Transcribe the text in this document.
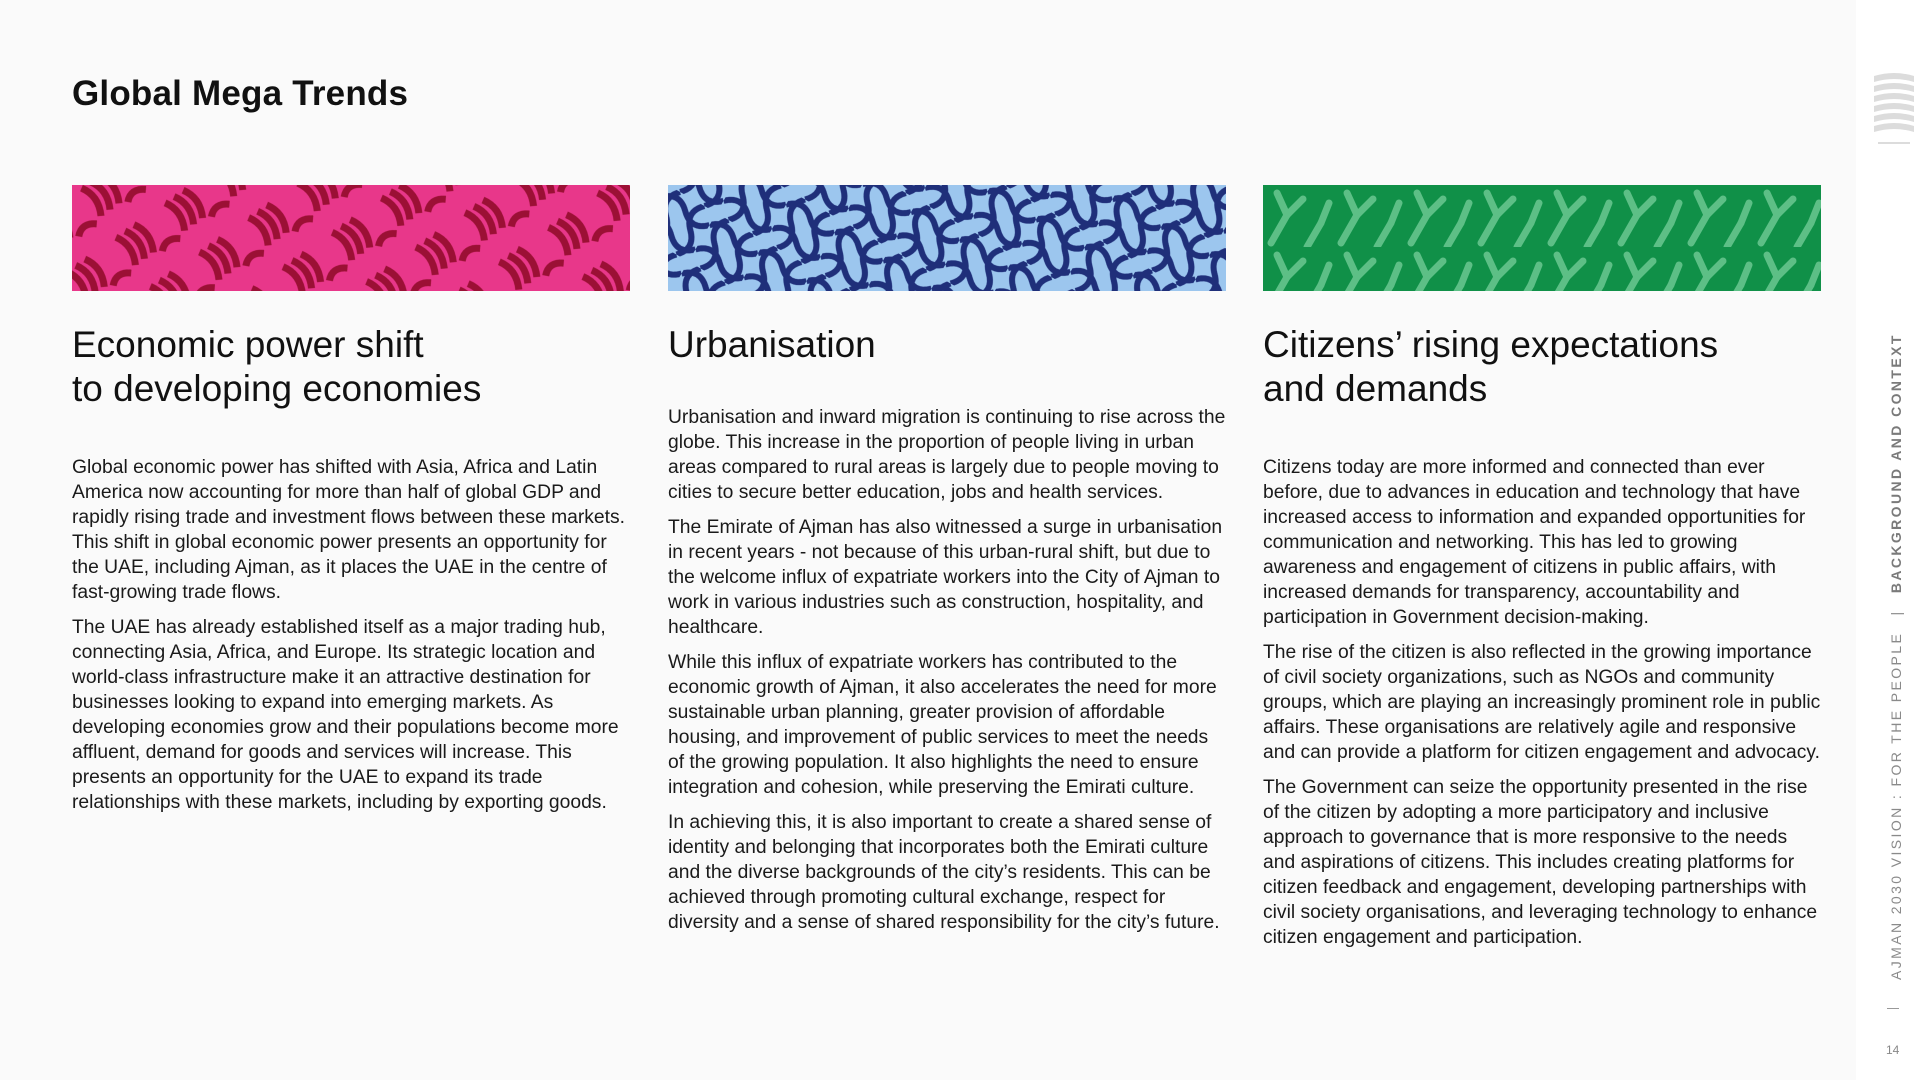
Global Mega Trends
Economic power shift
to developing economies

Global economic power has shifted with Asia, Africa and Latin America now accounting for more than half of global GDP and rapidly rising trade and investment flows between these markets. This shift in global economic power presents an opportunity for the UAE, including Ajman, as it places the UAE in the centre of fast-growing trade flows.

The UAE has already established itself as a major trading hub, connecting Asia, Africa, and Europe. Its strategic location and world-class infrastructure make it an attractive destination for businesses looking to expand into emerging markets. As developing economies grow and their populations become more affluent, demand for goods and services will increase. This presents an opportunity for the UAE to expand its trade relationships with these markets, including by exporting goods.

Urbanisation

Urbanisation and inward migration is continuing to rise across the globe. This increase in the proportion of people living in urban areas compared to rural areas is largely due to people moving to cities to secure better education, jobs and health services.

The Emirate of Ajman has also witnessed a surge in urbanisation in recent years - not because of this urban-rural shift, but due to the welcome influx of expatriate workers into the City of Ajman to work in various industries such as construction, hospitality, and healthcare.

While this influx of expatriate workers has contributed to the economic growth of Ajman, it also accelerates the need for more sustainable urban planning, greater provision of affordable housing, and improvement of public services to meet the needs of the growing population. It also highlights the need to ensure integration and cohesion, while preserving the Emirati culture.

In achieving this, it is also important to create a shared sense of identity and belonging that incorporates both the Emirati culture and the diverse backgrounds of the city’s residents. This can be achieved through promoting cultural exchange, respect for diversity and a sense of shared responsibility for the city’s future.

Citizens’ rising expectations
and demands

Citizens today are more informed and connected than ever before, due to advances in education and technology that have increased access to information and expanded opportunities for communication and networking. This has led to growing awareness and engagement of citizens in public affairs, with increased demands for transparency, accountability and participation in Government decision-making.

The rise of the citizen is also reflected in the growing importance of civil society organizations, such as NGOs and community groups, which are playing an increasingly prominent role in public affairs. These organisations are relatively agile and responsive and can provide a platform for citizen engagement and advocacy.

The Government can seize the opportunity presented in the rise of the citizen by adopting a more participatory and inclusive approach to governance that is more responsive to the needs and aspirations of citizens. This includes creating platforms for citizen feedback and engagement, developing partnerships with civil society organisations, and leveraging technology to enhance citizen engagement and participation.	AJMAN 2030 VISION : FOR THE PEOPLE | BACKGROUND AND CONTEXT
14
